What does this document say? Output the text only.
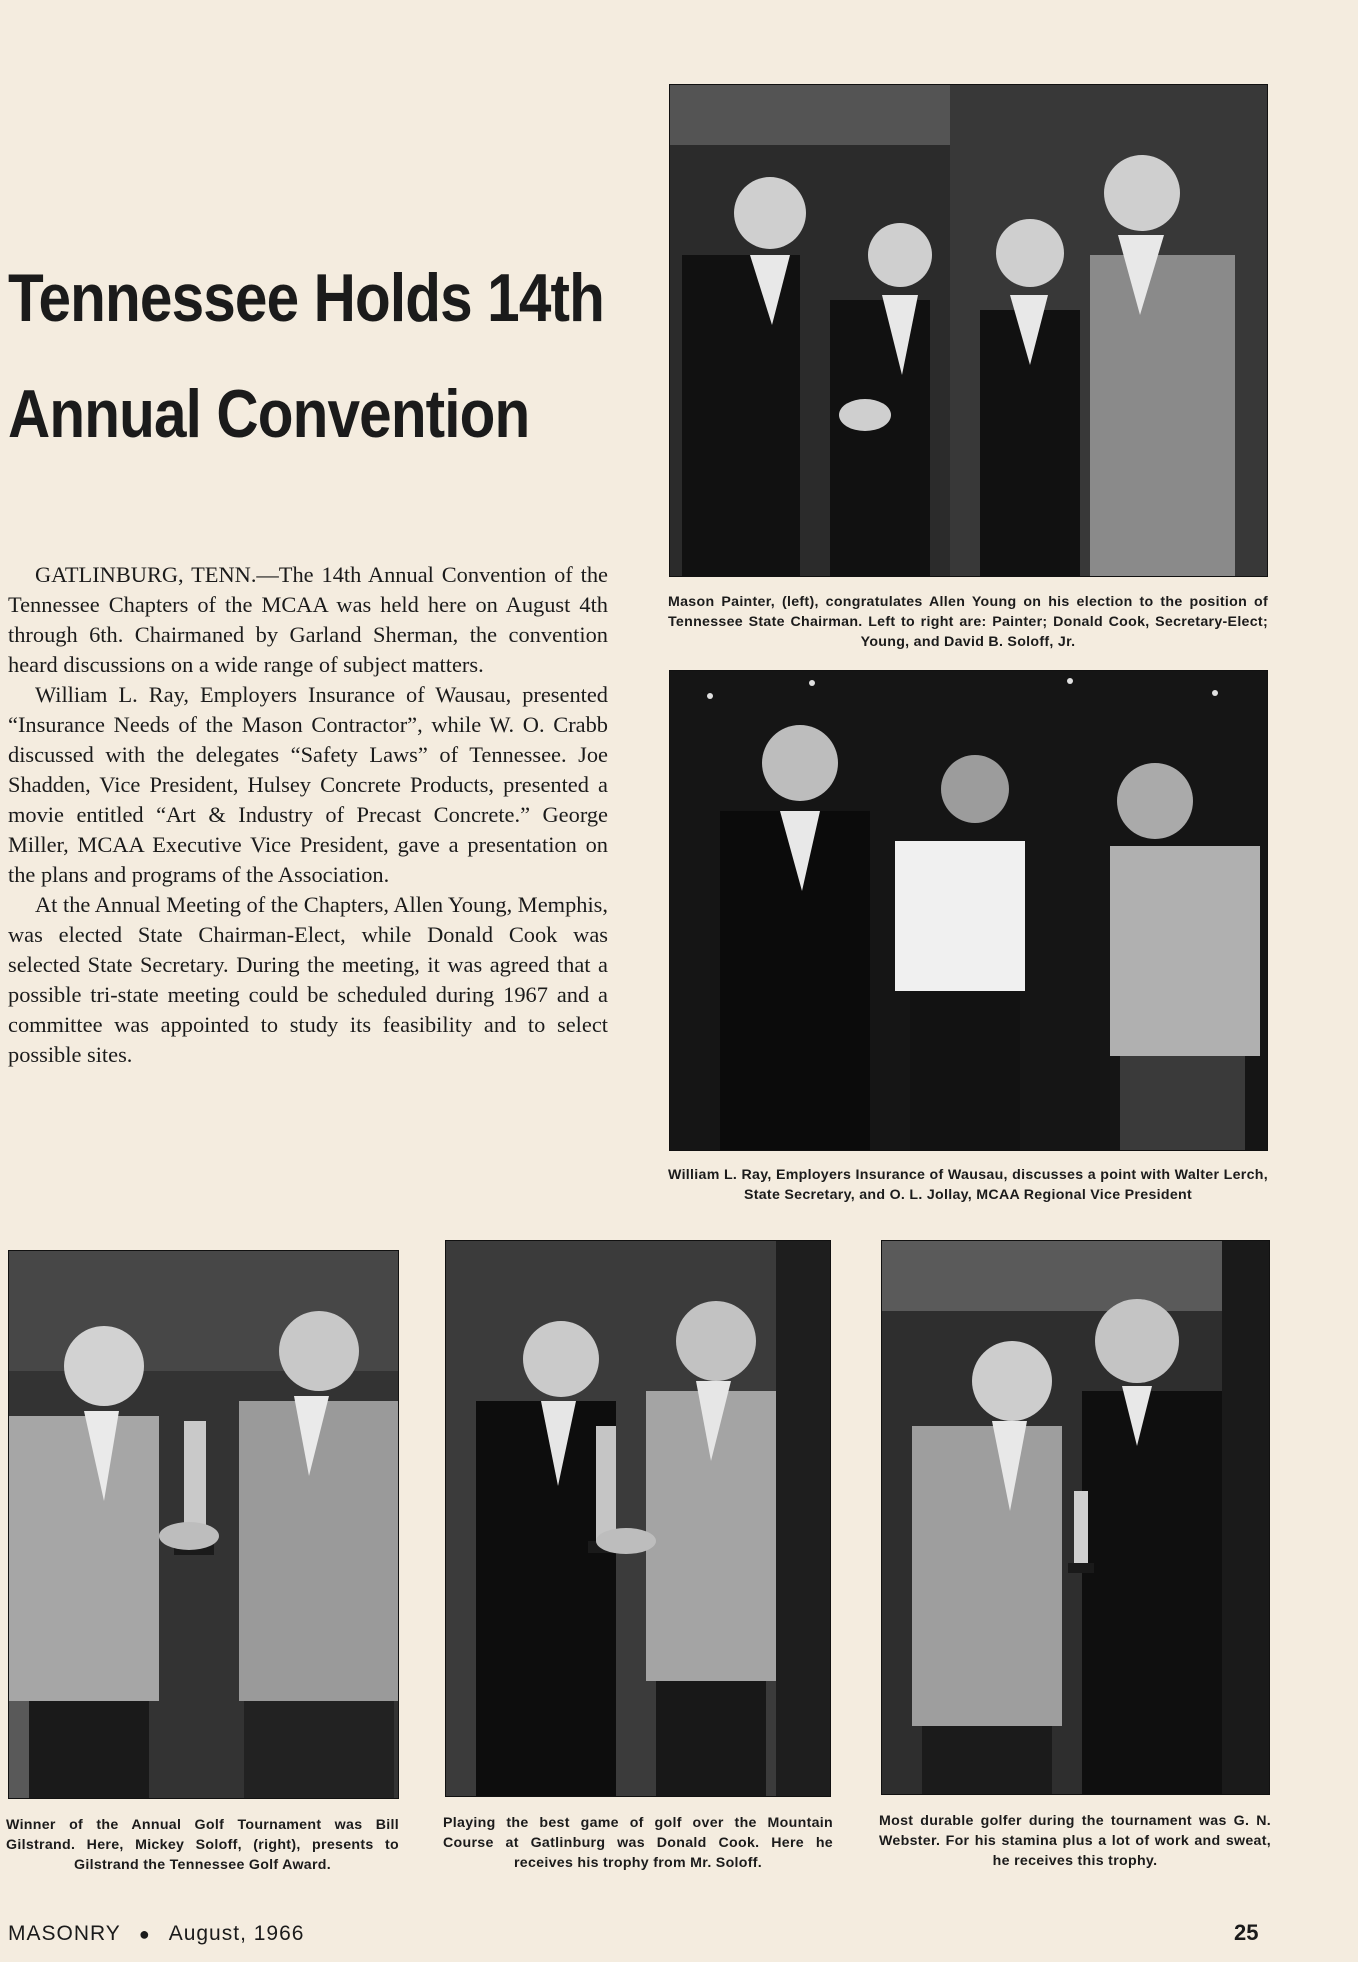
Tennessee Holds 14th
Annual Convention

GATLINBURG, TENN.—The 14th Annual Convention of the Tennessee Chapters of the MCAA was held here on August 4th through 6th. Chairmaned by Garland Sherman, the convention heard discussions on a wide range of subject matters.

William L. Ray, Employers Insurance of Wausau, presented “Insurance Needs of the Mason Contractor”, while W. O. Crabb discussed with the delegates “Safety Laws” of Tennessee. Joe Shadden, Vice President, Hulsey Concrete Products, presented a movie entitled “Art & Industry of Precast Concrete.” George Miller, MCAA Executive Vice President, gave a presentation on the plans and programs of the Association.

At the Annual Meeting of the Chapters, Allen Young, Memphis, was elected State Chairman-Elect, while Donald Cook was selected State Secretary. During the meeting, it was agreed that a possible tri-state meeting could be scheduled during 1967 and a committee was appointed to study its feasibility and to select possible sites.

Mason Painter, (left), congratulates Allen Young on his election to the position of Tennessee State Chairman. Left to right are: Painter; Donald Cook, Secretary-Elect; Young, and David B. Soloff, Jr.

William L. Ray, Employers Insurance of Wausau, discusses a point with Walter Lerch, State Secretary, and O. L. Jollay, MCAA Regional Vice President

Winner of the Annual Golf Tournament was Bill Gilstrand. Here, Mickey Soloff, (right), presents to Gilstrand the Tennessee Golf Award.

Playing the best game of golf over the Mountain Course at Gatlinburg was Donald Cook. Here he receives his trophy from Mr. Soloff.

Most durable golfer during the tournament was G. N. Webster. For his stamina plus a lot of work and sweat, he receives this trophy.

MASONRY ● August, 1966	25
